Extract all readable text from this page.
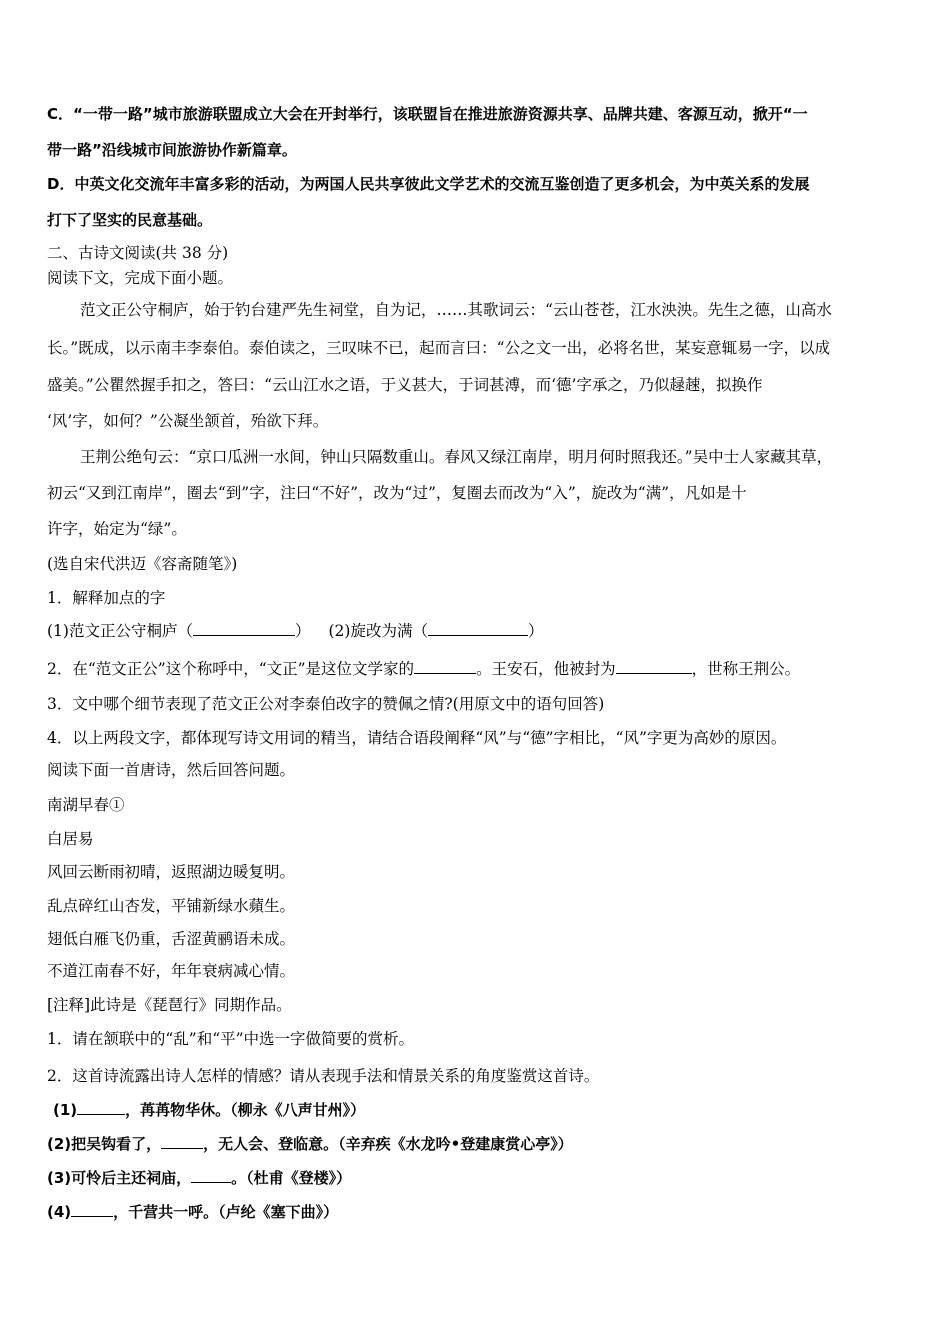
C．“一带一路”城市旅游联盟成立大会在开封举行，该联盟旨在推进旅游资源共享、品牌共建、客源互动，掀开“一
带一路”沿线城市间旅游协作新篇章。
D．中英文化交流年丰富多彩的活动，为两国人民共享彼此文学艺术的交流互鉴创造了更多机会，为中英关系的发展
打下了坚实的民意基础。
二、古诗文阅读(共 38 分)
阅读下文，完成下面小题。
范文正公守桐庐，始于钓台建严先生祠堂，自为记，……其歌词云：“云山苍苍，江水泱泱。先生之德，山高水
长。”既成，以示南丰李泰伯。泰伯读之，三叹味不已，起而言曰：“公之文一出，必将名世，某妄意辄易一字，以成
盛美。”公瞿然握手扣之，答曰：“云山江水之语，于义甚大，于词甚溥，而‘德’字承之，乃似趢趚，拟换作
‘风’字，如何？”公凝坐颔首，殆欲下拜。
王荆公绝句云：“京口瓜洲一水间，钟山只隔数重山。春风又绿江南岸，明月何时照我还。”吴中士人家藏其草，
初云“又到江南岸”，圈去“到”字，注曰“不好”，改为“过”，复圈去而改为“入”，旋改为“满”，凡如是十
许字，始定为“绿”。
(选自宋代洪迈《容斋随笔》)
1．解释加点的字
(1)范文正公守桐庐（	） (2)旋改为满（	）
2．在“范文正公”这个称呼中，“文正”是这位文学家的	。王安石，他被封为	，世称王荆公。
3．文中哪个细节表现了范文正公对李泰伯改字的赞佩之情?(用原文中的语句回答)
4．以上两段文字，都体现写诗文用词的精当，请结合语段阐释“风”与“德”字相比，“风”字更为高妙的原因。
阅读下面一首唐诗，然后回答问题。
南湖早春①
白居易
风回云断雨初晴，返照湖边暖复明。
乱点碎红山杏发，平铺新绿水蘋生。
翅低白雁飞仍重，舌涩黄鹂语未成。
不道江南春不好，年年衰病减心情。
[注释]此诗是《琵琶行》同期作品。
1．请在颔联中的“乱”和“平”中选一字做简要的赏析。
2．这首诗流露出诗人怎样的情感？请从表现手法和情景关系的角度鉴赏这首诗。
(1)	，苒苒物华休。（柳永《八声甘州》）
(2)把吴钩看了，	，无人会、登临意。（辛弃疾《水龙吟•登建康赏心亭》）
(3)可怜后主还祠庙，	。（杜甫《登楼》）
(4)	，千营共一呼。（卢纶《塞下曲》）
